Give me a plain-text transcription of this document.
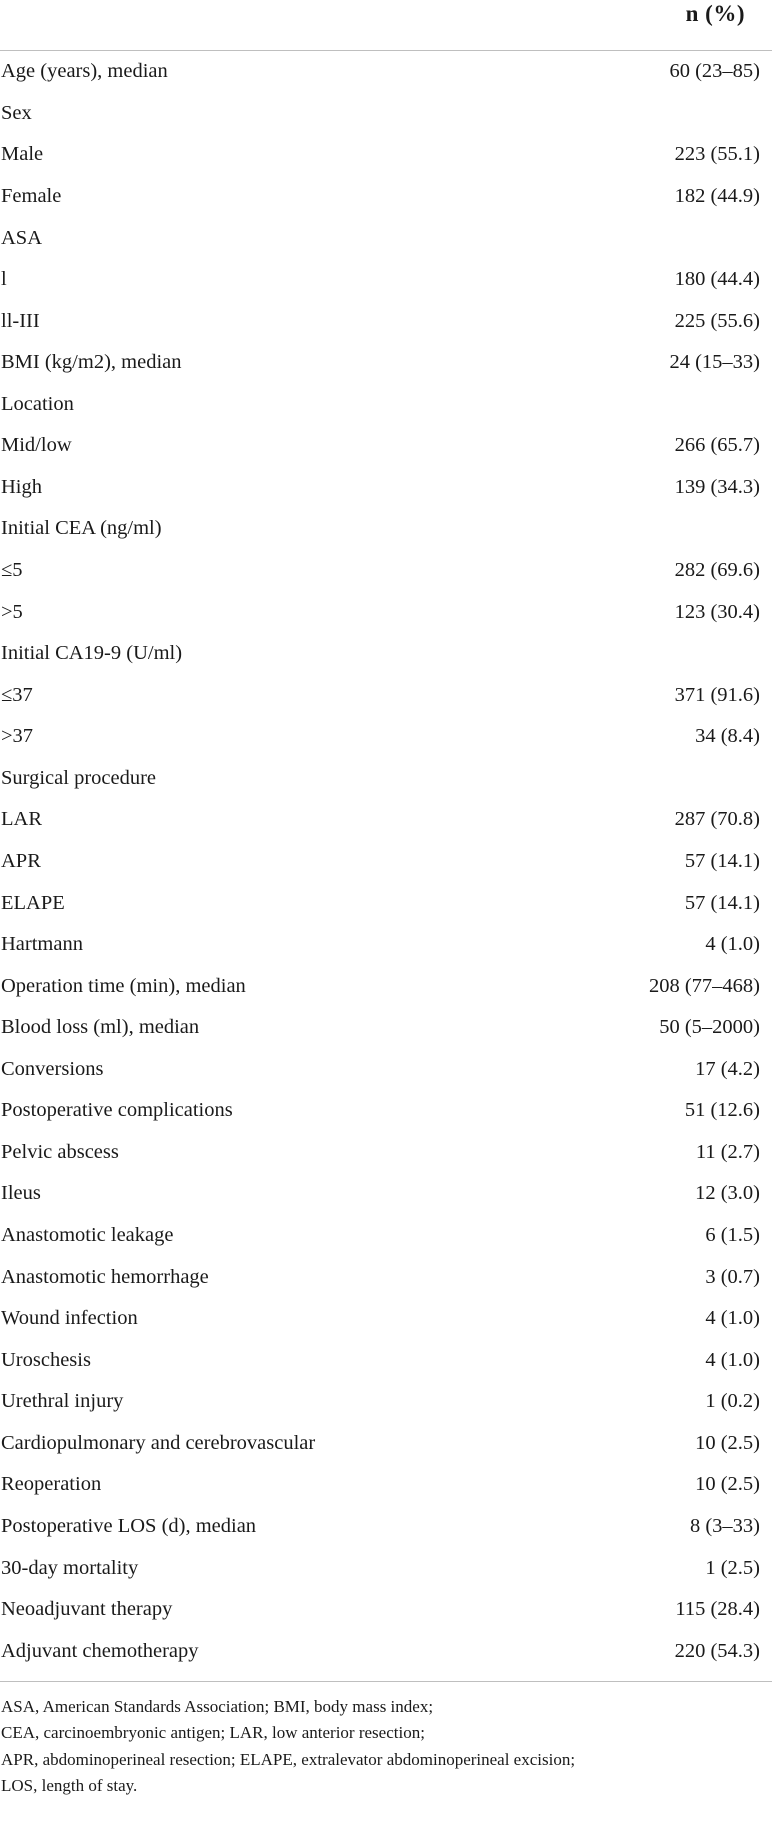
n (%)
Age (years), median	60 (23–85)
Sex
Male	223 (55.1)
Female	182 (44.9)
ASA
l	180 (44.4)
ll-III	225 (55.6)
BMI (kg/m2), median	24 (15–33)
Location
Mid/low	266 (65.7)
High	139 (34.3)
Initial CEA (ng/ml)
≤5	282 (69.6)
>5	123 (30.4)
Initial CA19-9 (U/ml)
≤37	371 (91.6)
>37	34 (8.4)
Surgical procedure
LAR	287 (70.8)
APR	57 (14.1)
ELAPE	57 (14.1)
Hartmann	4 (1.0)
Operation time (min), median	208 (77–468)
Blood loss (ml), median	50 (5–2000)
Conversions	17 (4.2)
Postoperative complications	51 (12.6)
Pelvic abscess	11 (2.7)
Ileus	12 (3.0)
Anastomotic leakage	6 (1.5)
Anastomotic hemorrhage	3 (0.7)
Wound infection	4 (1.0)
Uroschesis	4 (1.0)
Urethral injury	1 (0.2)
Cardiopulmonary and cerebrovascular	10 (2.5)
Reoperation	10 (2.5)
Postoperative LOS (d), median	8 (3–33)
30-day mortality	1 (2.5)
Neoadjuvant therapy	115 (28.4)
Adjuvant chemotherapy	220 (54.3)
ASA, American Standards Association; BMI, body mass index;
CEA, carcinoembryonic antigen; LAR, low anterior resection;
APR, abdominoperineal resection; ELAPE, extralevator abdominoperineal excision;
LOS, length of stay.
